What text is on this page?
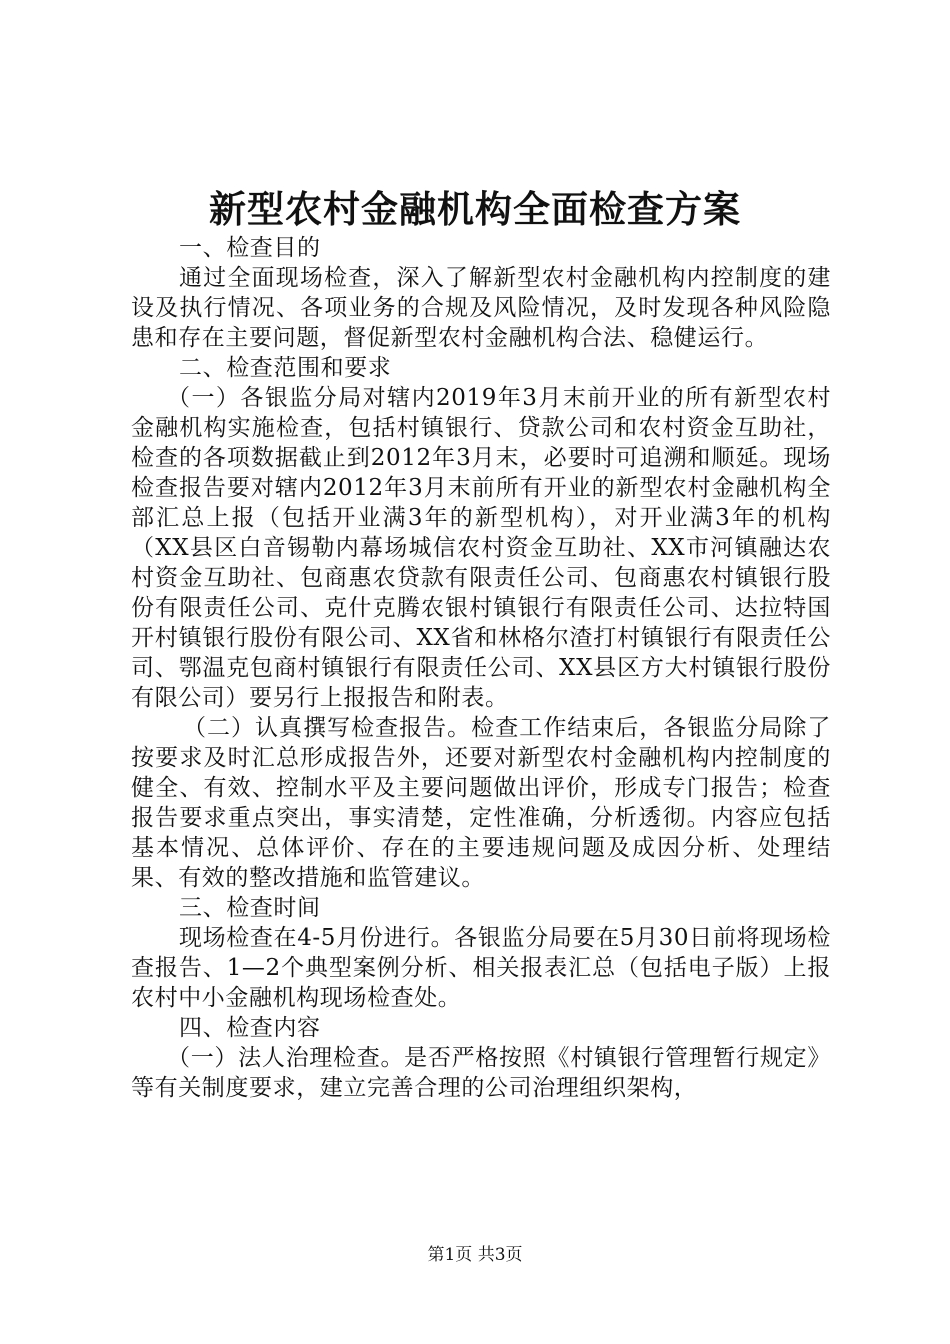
新型农村金融机构全面检查方案

一、检查目的

通过全面现场检查，深入了解新型农村金融机构内控制度的建设及执行情况、各项业务的合规及风险情况，及时发现各种风险隐患和存在主要问题，督促新型农村金融机构合法、稳健运行。

二、检查范围和要求

（一）各银监分局对辖内2019年3月末前开业的所有新型农村金融机构实施检查，包括村镇银行、贷款公司和农村资金互助社，检查的各项数据截止到2012年3月末，必要时可追溯和顺延。现场检查报告要对辖内2012年3月末前所有开业的新型农村金融机构全部汇总上报（包括开业满3年的新型机构），对开业满3年的机构（XX县区白音锡勒内幕场城信农村资金互助社、XX市河镇融达农村资金互助社、包商惠农贷款有限责任公司、包商惠农村镇银行股份有限责任公司、克什克腾农银村镇银行有限责任公司、达拉特国开村镇银行股份有限公司、XX省和林格尔渣打村镇银行有限责任公司、鄂温克包商村镇银行有限责任公司、XX县区方大村镇银行股份有限公司）要另行上报报告和附表。

（二）认真撰写检查报告。检查工作结束后，各银监分局除了按要求及时汇总形成报告外，还要对新型农村金融机构内控制度的健全、有效、控制水平及主要问题做出评价，形成专门报告；检查报告要求重点突出，事实清楚，定性准确，分析透彻。内容应包括基本情况、总体评价、存在的主要违规问题及成因分析、处理结果、有效的整改措施和监管建议。

三、检查时间

现场检查在4-5月份进行。各银监分局要在5月30日前将现场检查报告、1—2个典型案例分析、相关报表汇总（包括电子版）上报农村中小金融机构现场检查处。

四、检查内容

（一）法人治理检查。是否严格按照《村镇银行管理暂行规定》等有关制度要求，建立完善合理的公司治理组织架构，

第1页 共3页
